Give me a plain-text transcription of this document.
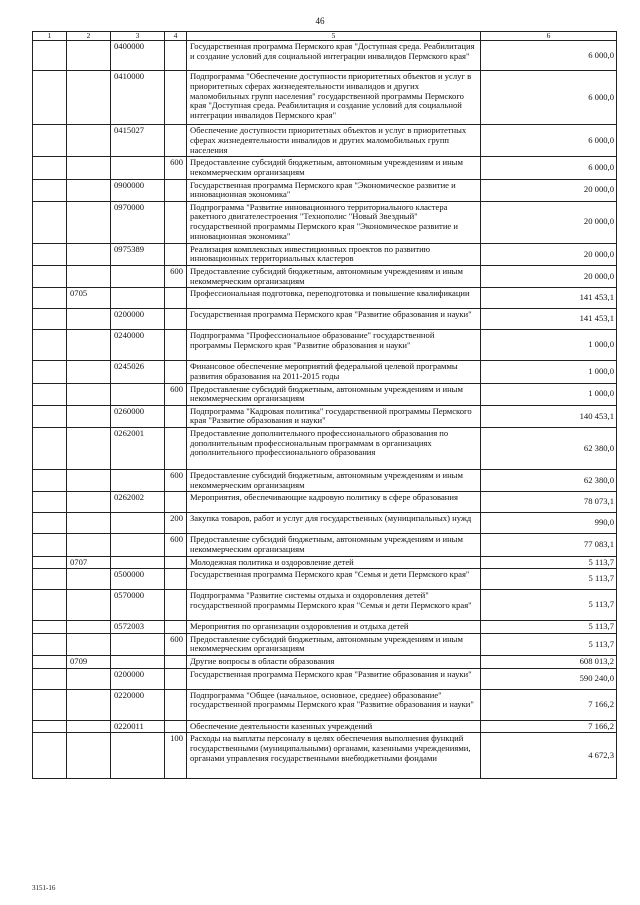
46
1	2	3	4	5	6
		0400000		Государственная программа Пермского края "Доступная среда. Реабилитация и создание условий для социальной интеграции инвалидов Пермского края"	6 000,0
		0410000		Подпрограмма "Обеспечение доступности приоритетных объектов и услуг в приоритетных сферах жизнедеятельности инвалидов и других маломобильных групп населения" государственной программы Пермского края "Доступная среда. Реабилитация и создание условий для социальной интеграции инвалидов Пермского края"	6 000,0
		0415027		Обеспечение доступности приоритетных объектов и услуг в приоритетных сферах жизнедеятельности инвалидов и других маломобильных групп населения	6 000,0
			600	Предоставление субсидий бюджетным, автономным учреждениям и иным некоммерческим организациям	6 000,0
		0900000		Государственная программа Пермского края "Экономическое развитие и инновационная экономика"	20 000,0
		0970000		Подпрограмма "Развитие инновационного территориального кластера ракетного двигателестроения "Технополис "Новый Звездный" государственной программы Пермского края "Экономическое развитие и инновационная экономика"	20 000,0
		0975389		Реализация комплексных инвестиционных проектов по развитию инновационных территориальных кластеров	20 000,0
			600	Предоставление субсидий бюджетным, автономным учреждениям и иным некоммерческим организациям	20 000,0
	0705			Профессиональная подготовка, переподготовка и повышение квалификации	141 453,1
		0200000		Государственная программа Пермского края "Развитие образования и науки"	141 453,1
		0240000		Подпрограмма "Профессиональное образование" государственной программы Пермского края "Развитие образования и науки"	1 000,0
		0245026		Финансовое обеспечение мероприятий федеральной целевой программы развития образования на 2011-2015 годы	1 000,0
			600	Предоставление субсидий бюджетным, автономным учреждениям и иным некоммерческим организациям	1 000,0
		0260000		Подпрограмма "Кадровая политика" государственной программы Пермского края "Развитие образования и науки"	140 453,1
		0262001		Предоставление дополнительного профессионального образования по дополнительным профессиональным программам в организациях дополнительного профессионального образования	62 380,0
			600	Предоставление субсидий бюджетным, автономным учреждениям и иным некоммерческим организациям	62 380,0
		0262002		Мероприятия, обеспечивающие кадровую политику в сфере образования	78 073,1
			200	Закупка товаров, работ и услуг для государственных (муниципальных) нужд	990,0
			600	Предоставление субсидий бюджетным, автономным учреждениям и иным некоммерческим организациям	77 083,1
	0707			Молодежная политика и оздоровление детей	5 113,7
		0500000		Государственная программа Пермского края "Семья и дети Пермского края"	5 113,7
		0570000		Подпрограмма "Развитие системы отдыха и оздоровления детей" государственной программы Пермского края "Семья и дети Пермского края"	5 113,7
		0572003		Мероприятия по организации оздоровления и отдыха детей	5 113,7
			600	Предоставление субсидий бюджетным, автономным учреждениям и иным некоммерческим организациям	5 113,7
	0709			Другие вопросы в области образования	608 013,2
		0200000		Государственная программа Пермского края "Развитие образования и науки"	590 240,0
		0220000		Подпрограмма "Общее (начальное, основное, среднее) образование" государственной программы Пермского края "Развитие образования и науки"	7 166,2
		0220011		Обеспечение деятельности казенных учреждений	7 166,2
			100	Расходы на выплаты персоналу в целях обеспечения выполнения функций государственными (муниципальными) органами, казенными учреждениями, органами управления государственными внебюджетными фондами	4 672,3
3151-16
